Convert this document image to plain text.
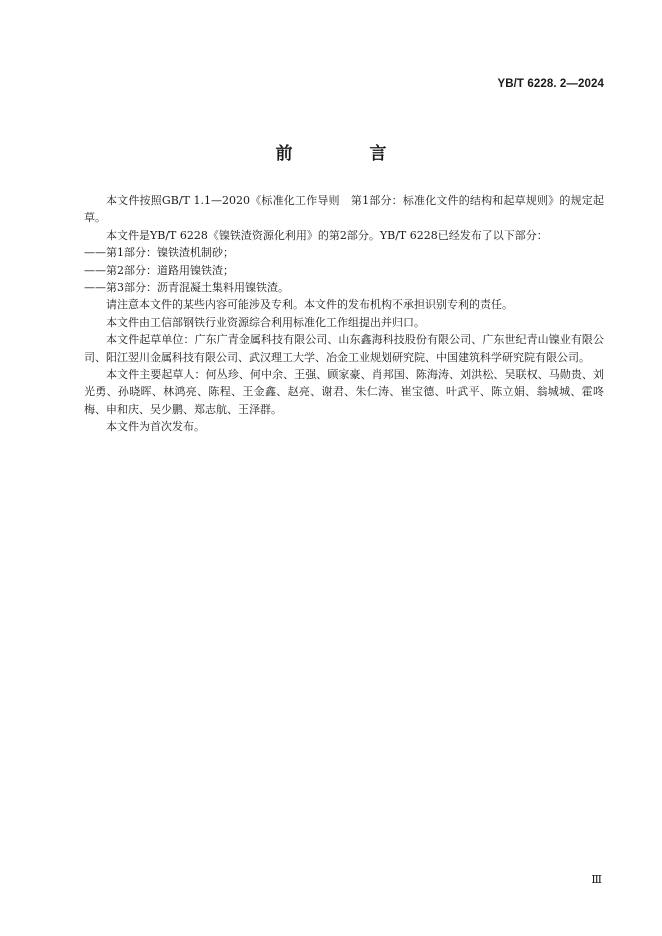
YB/T 6228. 2—2024
前　言

本文件按照GB/T 1.1—2020《标准化工作导则　第1部分：标准化文件的结构和起草规则》的规定起草。

本文件是YB/T 6228《镍铁渣资源化利用》的第2部分。YB/T 6228已经发布了以下部分：

——第1部分：镍铁渣机制砂；

——第2部分：道路用镍铁渣；

——第3部分：沥青混凝土集料用镍铁渣。

请注意本文件的某些内容可能涉及专利。本文件的发布机构不承担识别专利的责任。

本文件由工信部钢铁行业资源综合利用标准化工作组提出并归口。

本文件起草单位：广东广青金属科技有限公司、山东鑫海科技股份有限公司、广东世纪青山镍业有限公司、阳江翌川金属科技有限公司、武汉理工大学、冶金工业规划研究院、中国建筑科学研究院有限公司。

本文件主要起草人：何丛珍、何中余、王强、顾家豪、肖邦国、陈海涛、刘洪松、吴联权、马勋贵、刘光勇、孙晓晖、林鸿亮、陈程、王金鑫、赵亮、谢君、朱仁涛、崔宝德、叶武平、陈立娟、翁城城、霍咚梅、申和庆、吴少鹏、郑志航、王泽群。

本文件为首次发布。

Ⅲ
